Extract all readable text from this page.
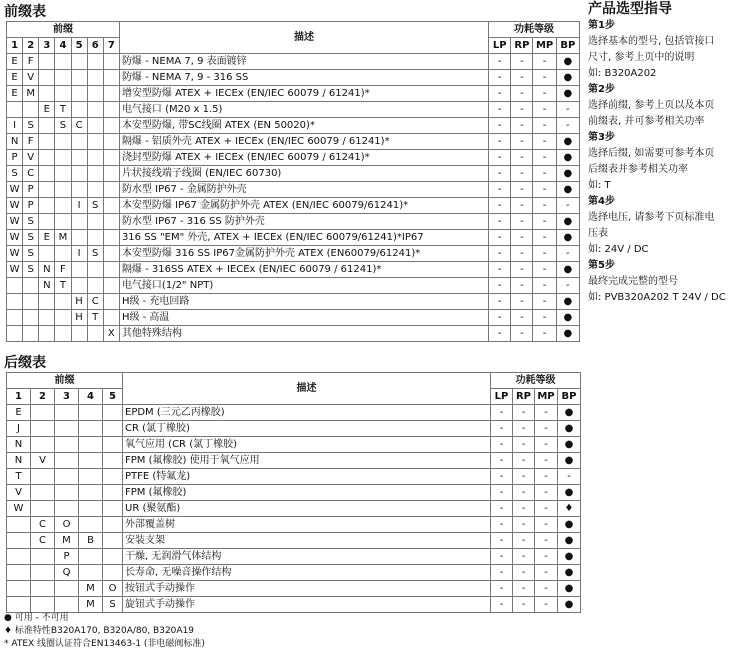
前缀表
前缀							描述	功耗等级			
1	2	3	4	5	6	7		LP	RP	MP	BP
E	F						防爆 - NEMA 7, 9 表面镀锌	-	-	-	●
E	V						防爆 - NEMA 7, 9 - 316 SS	-	-	-	●
E	M						增安型防爆 ATEX + IECEx (EN/IEC 60079 / 61241)*	-	-	-	●
		E	T				电气接口 (M20 x 1.5)	-	-	-	-
I	S		S	C			本安型防爆, 带SC线圈 ATEX (EN 50020)*	-	-	-	-
N	F						隔爆 - 铝质外壳 ATEX + IECEx (EN/IEC 60079 / 61241)*	-	-	-	●
P	V						浇封型防爆 ATEX + IECEx (EN/IEC 60079 / 61241)*	-	-	-	●
S	C						片状接线端子线圈 (EN/IEC 60730)	-	-	-	●
W	P						防水型 IP67 - 金属防护外壳	-	-	-	●
W	P			I	S		本安型防爆 IP67 金属防护外壳 ATEX (EN/IEC 60079/61241)*	-	-	-	-
W	S						防水型 IP67 - 316 SS 防护外壳	-	-	-	●
W	S	E	M				316 SS "EM" 外壳, ATEX + IECEx (EN/IEC 60079/61241)*IP67	-	-	-	●
W	S			I	S		本安型防爆 316 SS IP67金属防护外壳 ATEX (EN60079/61241)*	-	-	-	-
W	S	N	F				隔爆 - 316SS ATEX + IECEx (EN/IEC 60079 / 61241)*	-	-	-	●
		N	T				电气接口(1/2" NPT)	-	-	-	-
				H	C		H级 - 充电回路	-	-	-	●
				H	T		H级 - 高温	-	-	-	●
						X	其他特殊结构	-	-	-	●
后缀表
前缀					描述	功耗等级			
1	2	3	4	5		LP	RP	MP	BP
E					EPDM (三元乙丙橡胶)	-	-	-	●
J					CR (氯丁橡胶)	-	-	-	●
N					氧气应用 (CR (氯丁橡胶)	-	-	-	●
N	V				FPM (氟橡胶) 使用于氧气应用	-	-	-	●
T					PTFE (特氟龙)	-	-	-	-
V					FPM (氟橡胶)	-	-	-	●
W					UR (聚氨酯)	-	-	-	♦
	C	O			外部覆盖树	-	-	-	●
	C	M	B		安装支架	-	-	-	●
		P			干燥, 无润滑气体结构	-	-	-	●
		Q			长寿命, 无噪音操作结构	-	-	-	●
			M	O	按钮式手动操作	-	-	-	●
			M	S	旋钮式手动操作	-	-	-	●
产品选型指导
第1步
选择基本的型号, 包括管接口
尺寸, 参考上页中的说明
如: B320A202
第2步
选择前缀, 参考上页以及本页
前缀表, 并可参考相关功率
第3步
选择后缀, 如需要可参考本页
后缀表并参考相关功率
如: T
第4步
选择电压, 请参考下页标准电
压表
如: 24V / DC
第5步
最终完成完整的型号
如: PVB320A202 T 24V / DC
● 可用 - 不可用
♦ 标准特性B320A170, B320A/80, B320A19
* ATEX 线圈认证符合EN13463-1 (非电磁阀标准)
